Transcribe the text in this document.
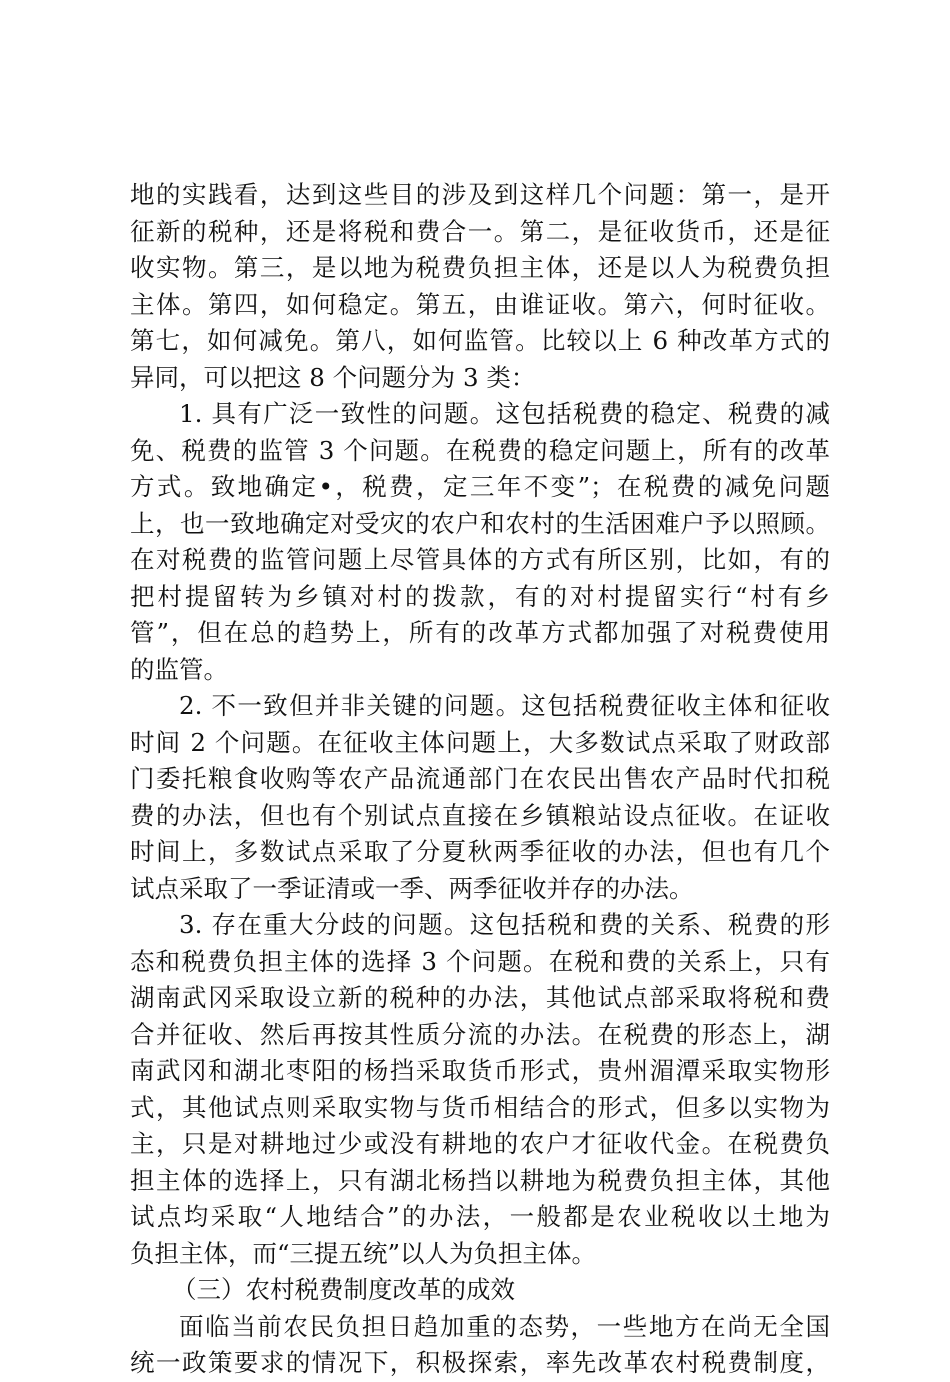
地的实践看，达到这些目的涉及到这样几个问题：第一，是开
征新的税种，还是将税和费合一。第二，是征收货币，还是征
收实物。第三，是以地为税费负担主体，还是以人为税费负担
主体。第四，如何稳定。第五，由谁证收。第六，何时征收。
第七，如何减免。第八，如何监管。比较以上 6 种改革方式的
异同，可以把这 8 个问题分为 3 类：
1. 具有广泛一致性的问题。这包括税费的稳定、税费的减
免、税费的监管 3 个问题。在税费的稳定问题上，所有的改革
方式。致地确定•，税费，定三年不变”；在税费的减免问题
上，也一致地确定对受灾的农户和农村的生活困难户予以照顾。
在对税费的监管问题上尽管具体的方式有所区别，比如，有的
把村提留转为乡镇对村的拨款，有的对村提留实行“村有乡
管”，但在总的趋势上，所有的改革方式都加强了对税费使用
的监管。
2. 不一致但并非关键的问题。这包括税费征收主体和征收
时间 2 个问题。在征收主体问题上，大多数试点采取了财政部
门委托粮食收购等农产品流通部门在农民出售农产品时代扣税
费的办法，但也有个别试点直接在乡镇粮站设点征收。在证收
时间上，多数试点采取了分夏秋两季征收的办法，但也有几个
试点采取了一季证清或一季、两季征收并存的办法。
3. 存在重大分歧的问题。这包括税和费的关系、税费的形
态和税费负担主体的选择 3 个问题。在税和费的关系上，只有
湖南武冈采取设立新的税种的办法，其他试点部采取将税和费
合并征收、然后再按其性质分流的办法。在税费的形态上，湖
南武冈和湖北枣阳的杨挡采取货币形式，贵州湄潭采取实物形
式，其他试点则采取实物与货币相结合的形式，但多以实物为
主，只是对耕地过少或没有耕地的农户才征收代金。在税费负
担主体的选择上，只有湖北杨挡以耕地为税费负担主体，其他
试点均采取“人地结合”的办法，一般都是农业税收以土地为
负担主体，而“三提五统”以人为负担主体。
（三）农村税费制度改革的成效
面临当前农民负担日趋加重的态势，一些地方在尚无全国
统一政策要求的情况下，积极探索，率先改革农村税费制度，
